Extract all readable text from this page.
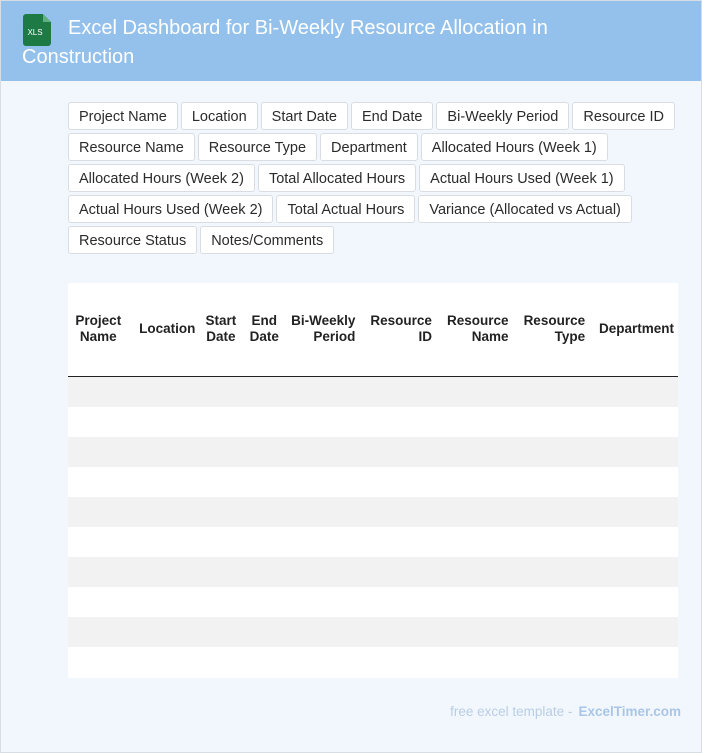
XLS	Excel Dashboard for Bi-Weekly Resource Allocation in Construction
Project Name	Location	Start Date	End Date	Bi-Weekly Period	Resource ID
Resource Name	Resource Type	Department	Allocated Hours (Week 1)
Allocated Hours (Week 2)	Total Allocated Hours	Actual Hours Used (Week 1)
Actual Hours Used (Week 2)	Total Actual Hours	Variance (Allocated vs Actual)
Resource Status	Notes/Comments
Project Name	Location	Start Date	End Date	Bi-Weekly Period	Resource ID	Resource Name	Resource Type	Department

free excel template - ExcelTimer.com
